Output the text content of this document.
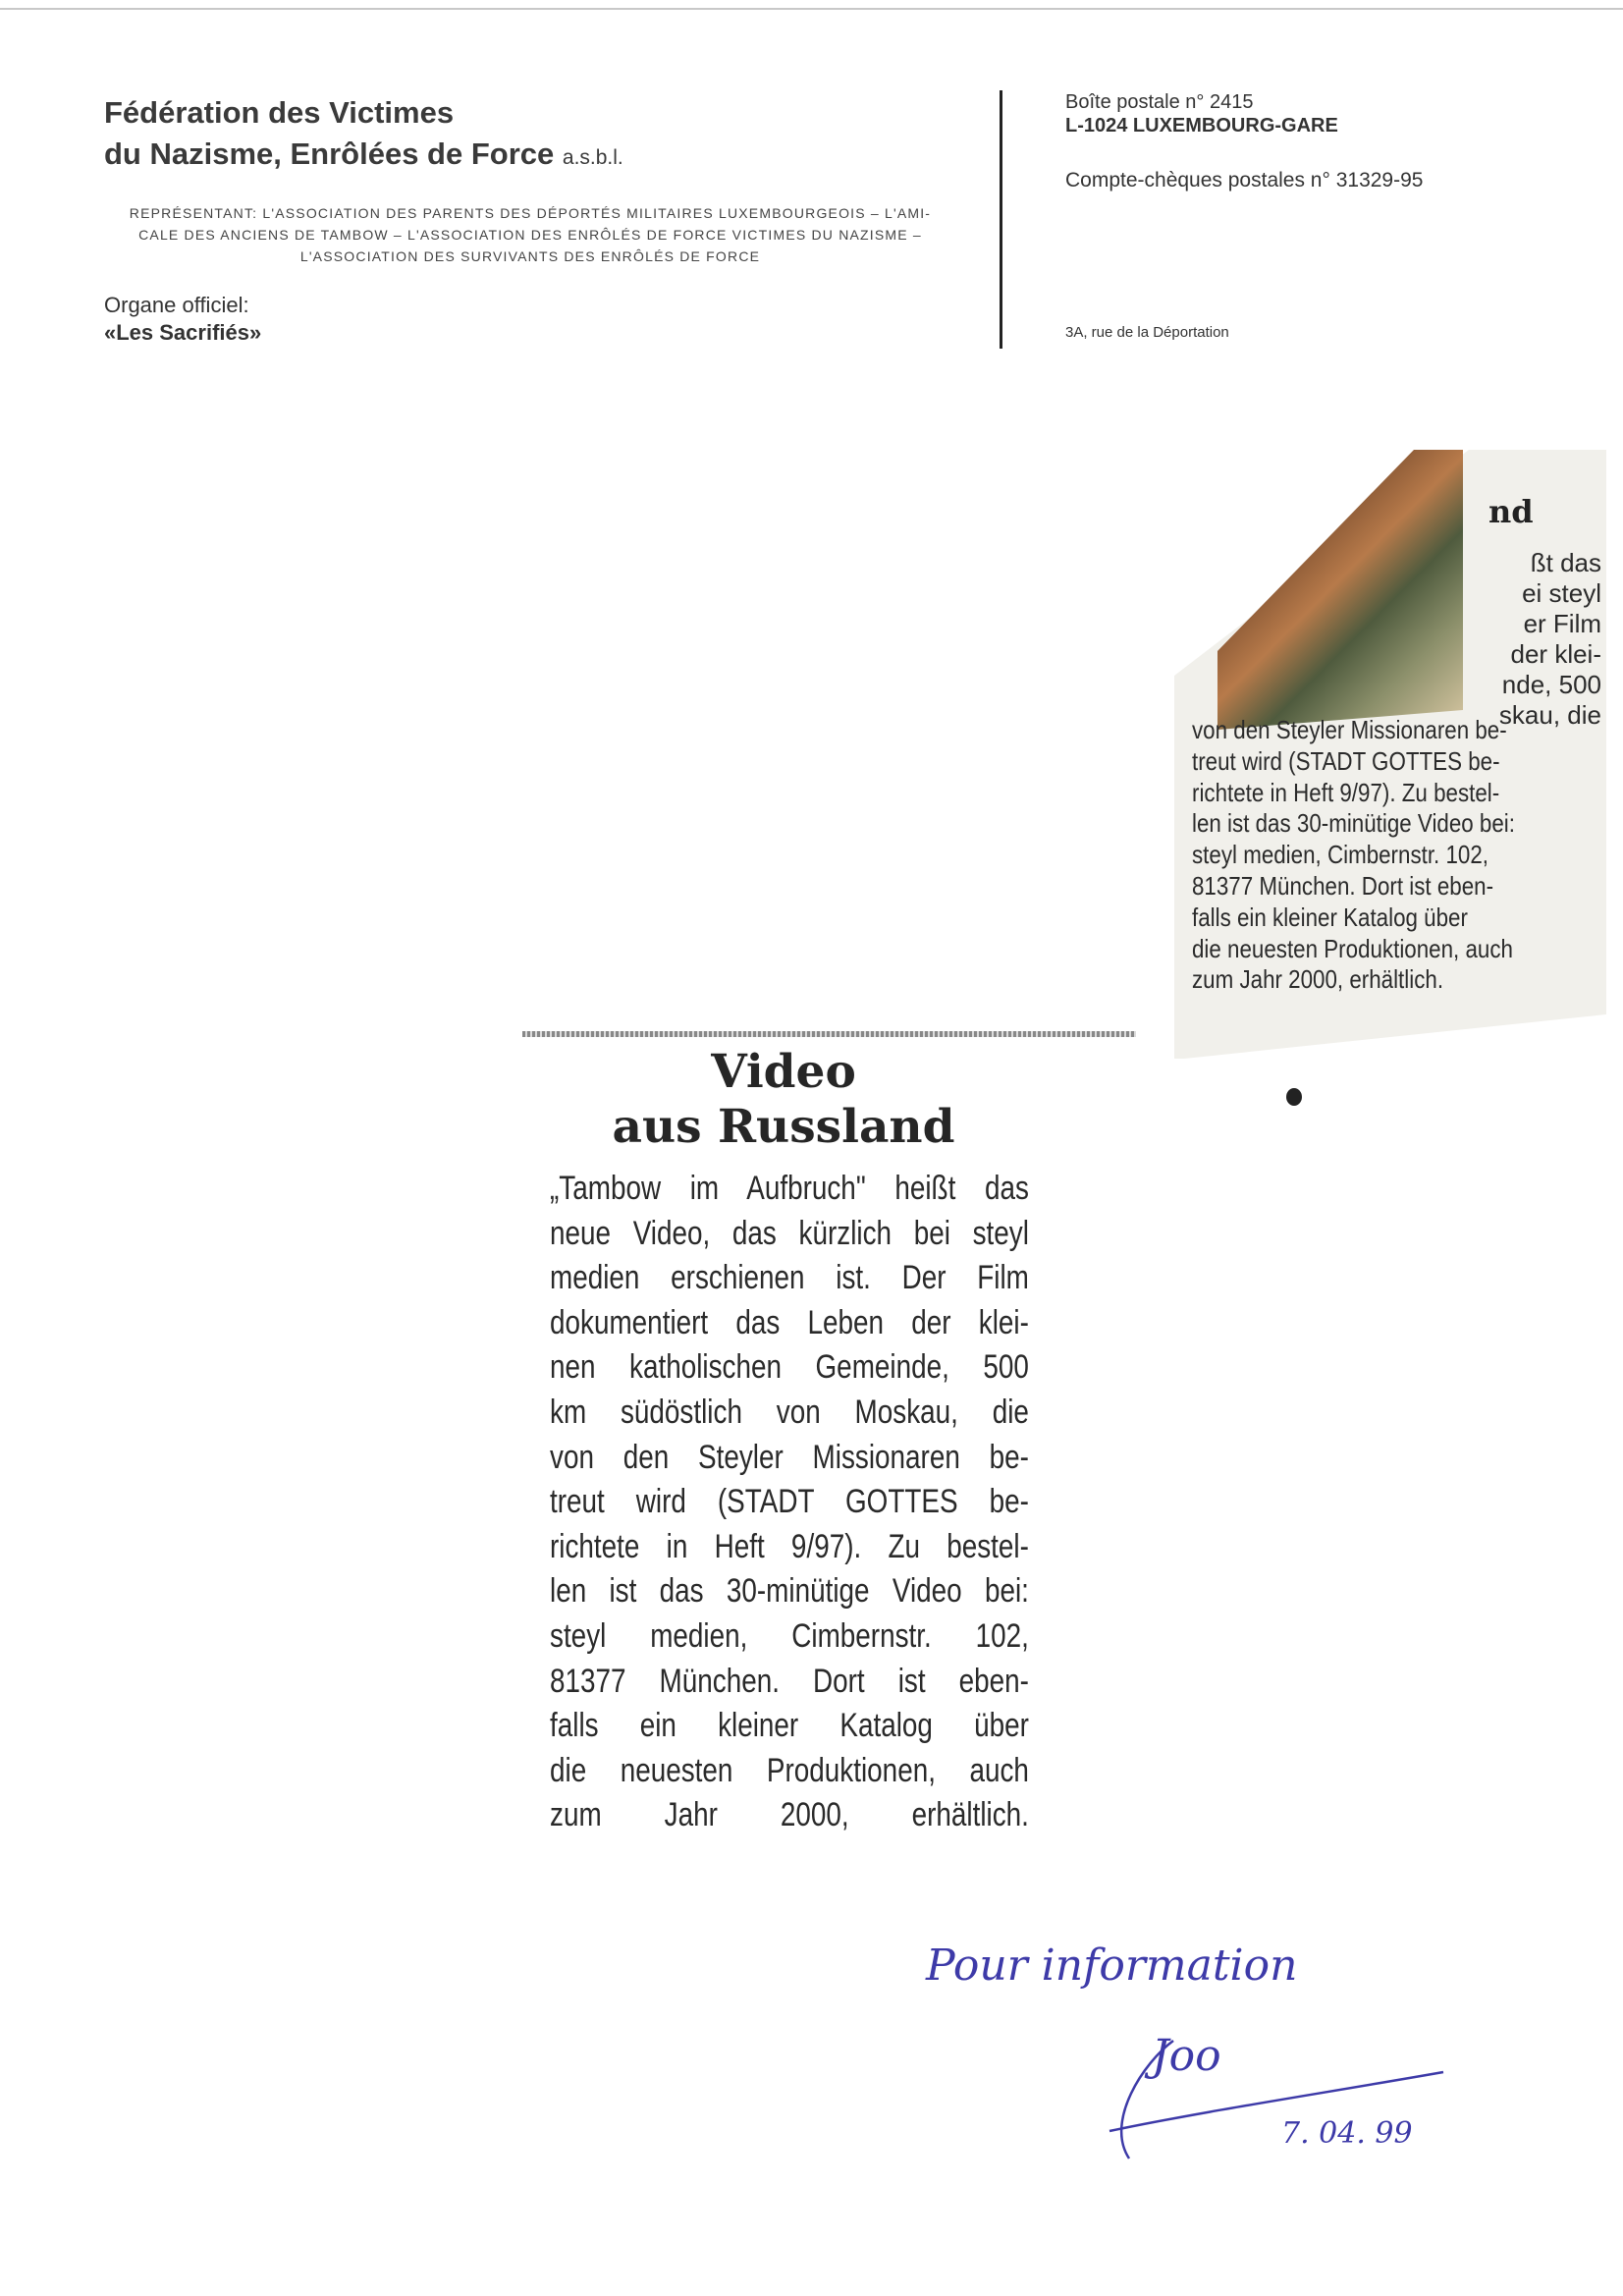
Fédération des Victimes
du Nazisme, Enrôlées de Force a.s.b.l.
REPRÉSENTANT: L'ASSOCIATION DES PARENTS DES DÉPORTÉS MILITAIRES LUXEMBOURGEOIS – L'AMI-
CALE DES ANCIENS DE TAMBOW – L'ASSOCIATION DES ENRÔLÉS DE FORCE VICTIMES DU NAZISME –
L'ASSOCIATION DES SURVIVANTS DES ENRÔLÉS DE FORCE
Organe officiel:
«Les Sacrifiés»
Boîte postale n° 2415
L-1024 LUXEMBOURG-GARE
Compte-chèques postales n° 31329-95
3A, rue de la Déportation
nd
ßt das
ei steyl
er Film
der klei-
nde, 500
skau, die
von den Steyler Missionaren be-
treut wird (STADT GOTTES be-
richtete in Heft 9/97). Zu bestel-
len ist das 30-minütige Video bei:
steyl medien, Cimbernstr. 102,
81377 München. Dort ist eben-
falls ein kleiner Katalog über
die neuesten Produktionen, auch
zum Jahr 2000, erhältlich.
Video
aus Russland
„Tambow im Aufbruch" heißt das
neue Video, das kürzlich bei steyl
medien erschienen ist. Der Film
dokumentiert das Leben der klei-
nen katholischen Gemeinde, 500
km südöstlich von Moskau, die
von den Steyler Missionaren be-
treut wird (STADT GOTTES be-
richtete in Heft 9/97). Zu bestel-
len ist das 30-minütige Video bei:
steyl medien, Cimbernstr. 102,
81377 München. Dort ist eben-
falls ein kleiner Katalog über
die neuesten Produktionen, auch
zum Jahr 2000, erhältlich.
Pour information
Joo
7. 04. 99
